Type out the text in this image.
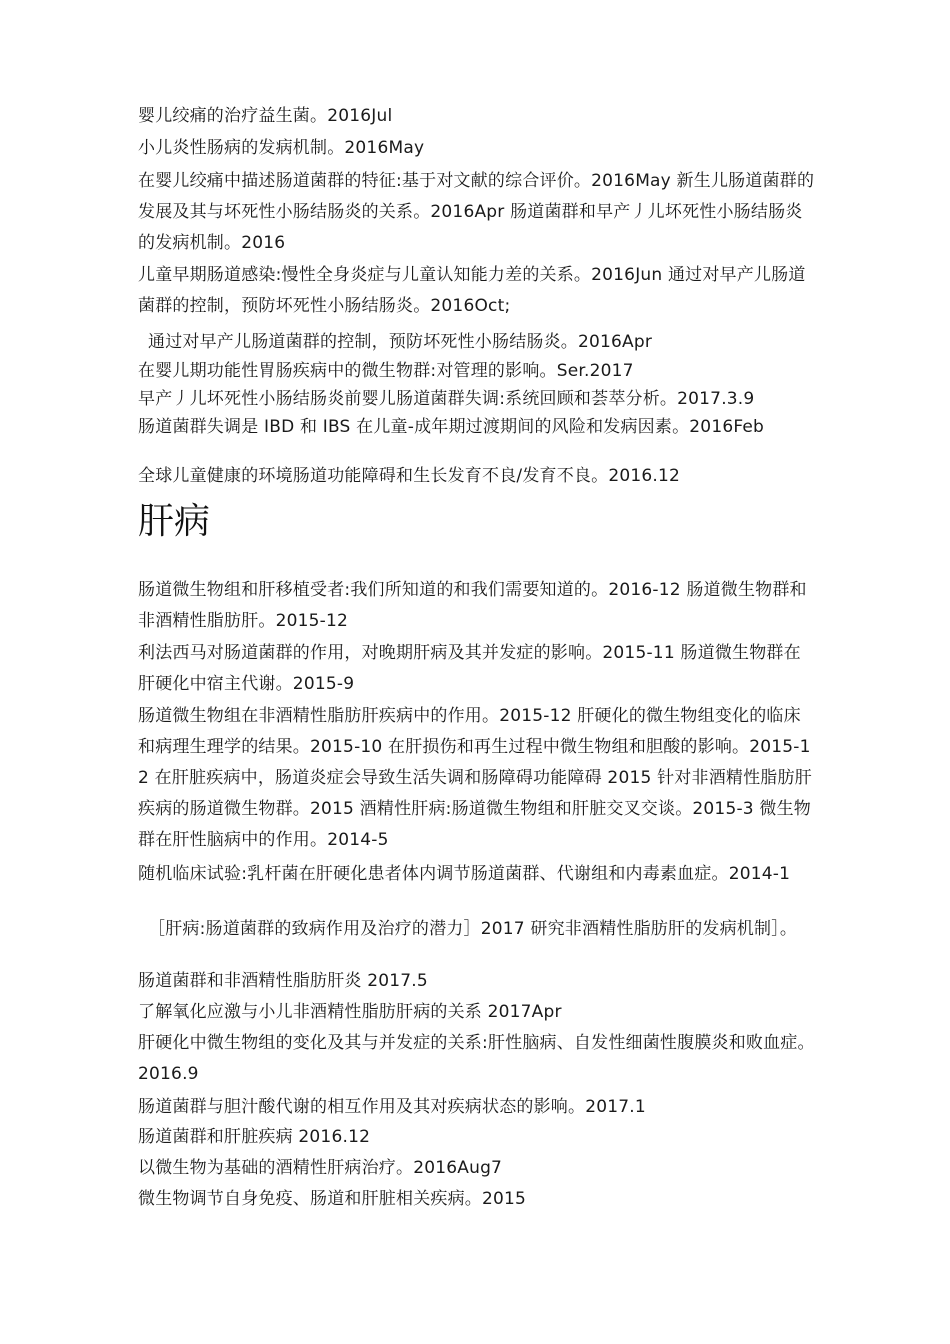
婴儿绞痛的治疗益生菌。2016Jul
小儿炎性肠病的发病机制。2016May
在婴儿绞痛中描述肠道菌群的特征:基于对文献的综合评价。2016May 新生儿肠道菌群的发展及其与坏死性小肠结肠炎的关系。2016Apr 肠道菌群和早产丿儿坏死性小肠结肠炎的发病机制。2016
儿童早期肠道感染:慢性全身炎症与儿童认知能力差的关系。2016Jun 通过对早产儿肠道菌群的控制，预防坏死性小肠结肠炎。2016Oct;
通过对早产儿肠道菌群的控制，预防坏死性小肠结肠炎。2016Apr
在婴儿期功能性胃肠疾病中的微生物群:对管理的影响。Ser.2017
早产丿儿坏死性小肠结肠炎前婴儿肠道菌群失调:系统回顾和荟萃分析。2017.3.9
肠道菌群失调是 IBD 和 IBS 在儿童-成年期过渡期间的风险和发病因素。2016Feb
全球儿童健康的环境肠道功能障碍和生长发育不良/发育不良。2016.12
肝病
肠道微生物组和肝移植受者:我们所知道的和我们需要知道的。2016-12 肠道微生物群和非酒精性脂肪肝。2015-12
利法西马对肠道菌群的作用，对晚期肝病及其并发症的影响。2015-11 肠道微生物群在肝硬化中宿主代谢。2015-9
肠道微生物组在非酒精性脂肪肝疾病中的作用。2015-12 肝硬化的微生物组变化的临床和病理生理学的结果。2015-10 在肝损伤和再生过程中微生物组和胆酸的影响。2015-12 在肝脏疾病中，肠道炎症会导致生活失调和肠障碍功能障碍 2015 针对非酒精性脂肪肝疾病的肠道微生物群。2015 酒精性肝病:肠道微生物组和肝脏交叉交谈。2015-3 微生物群在肝性脑病中的作用。2014-5
随机临床试验:乳杆菌在肝硬化患者体内调节肠道菌群、代谢组和内毒素血症。2014-1
［肝病:肠道菌群的致病作用及治疗的潜力］2017 研究非酒精性脂肪肝的发病机制］。
肠道菌群和非酒精性脂肪肝炎 2017.5
了解氧化应激与小儿非酒精性脂肪肝病的关系 2017Apr
肝硬化中微生物组的变化及其与并发症的关系:肝性脑病、自发性细菌性腹膜炎和败血症。2016.9
肠道菌群与胆汁酸代谢的相互作用及其对疾病状态的影响。2017.1
肠道菌群和肝脏疾病 2016.12
以微生物为基础的酒精性肝病治疗。2016Aug7
微生物调节自身免疫、肠道和肝脏相关疾病。2015
